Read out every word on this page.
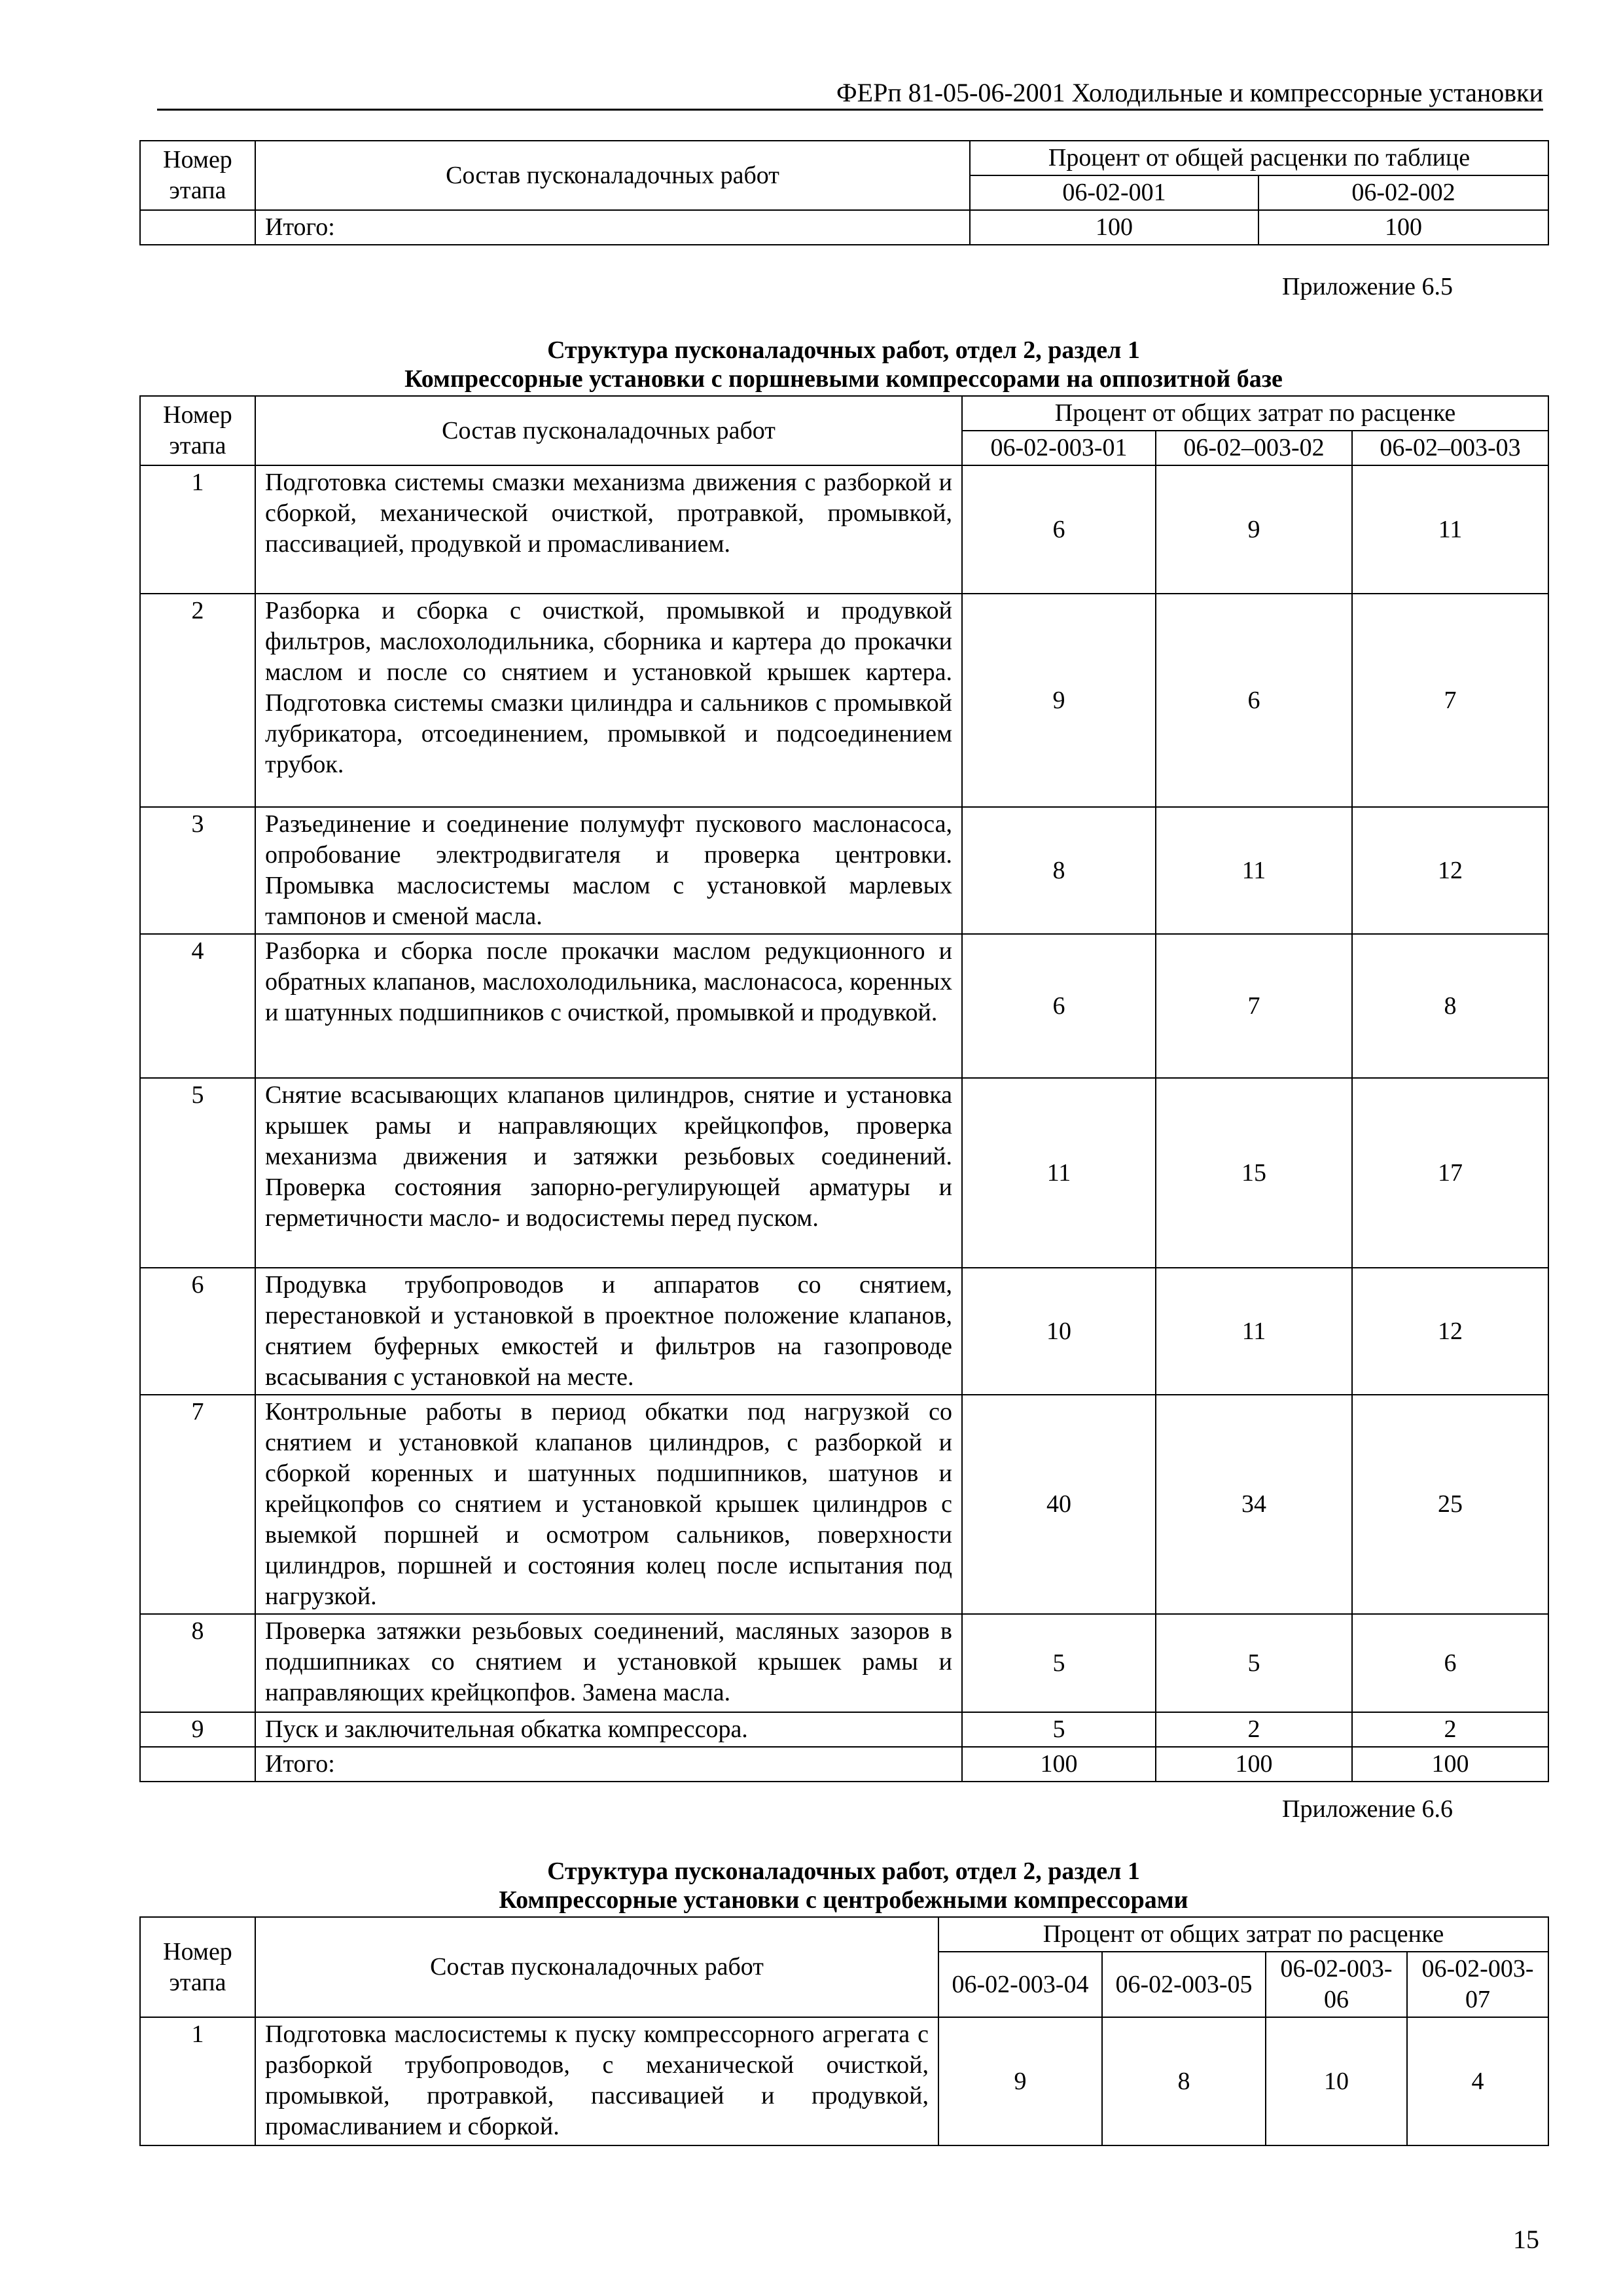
ФЕРп 81-05-06-2001 Холодильные и компрессорные установки
Номер этапа	Состав пусконаладочных работ	Процент от общей расценки по таблице	
		06-02-001	06-02-002
	Итого:	100	100
Приложение 6.5
Структура пусконаладочных работ, отдел 2, раздел 1
Компрессорные установки с поршневыми компрессорами на оппозитной базе
Номер этапа	Состав пусконаладочных работ	Процент от общих затрат по расценке		
		06-02-003-01	06-02–003-02	06-02–003-03
1	Подготовка системы смазки механизма движения с разборкой и сборкой, механической очисткой, протравкой, промывкой, пассивацией, продувкой и промасливанием.	6	9	11
2	Разборка и сборка с очисткой, промывкой и продувкой фильтров, маслохолодильника, сборника и картера до прокачки маслом и после со снятием и установкой крышек картера. Подготовка системы смазки цилиндра и сальников с промывкой лубрикатора, отсоединением, промывкой и подсоединением трубок.	9	6	7
3	Разъединение и соединение полумуфт пускового маслонасоса, опробование электродвигателя и проверка центровки. Промывка маслосистемы маслом с установкой марлевых тампонов и сменой масла.	8	11	12
4	Разборка и сборка после прокачки маслом редукционного и обратных клапанов, маслохолодильника, маслонасоса, коренных и шатунных подшипников с очисткой, промывкой и продувкой.	6	7	8
5	Снятие всасывающих клапанов цилиндров, снятие и установка крышек рамы и направляющих крейцкопфов, проверка механизма движения и затяжки резьбовых соединений. Проверка состояния запорно-регулирующей арматуры и герметичности масло- и водосистемы перед пуском.	11	15	17
6	Продувка трубопроводов и аппаратов со снятием, перестановкой и установкой в проектное положение клапанов, снятием буферных емкостей и фильтров на газопроводе всасывания с установкой на месте.	10	11	12
7	Контрольные работы в период обкатки под нагрузкой со снятием и установкой клапанов цилиндров, с разборкой и сборкой коренных и шатунных подшипников, шатунов и крейцкопфов со снятием и установкой крышек цилиндров с выемкой поршней и осмотром сальников, поверхности цилиндров, поршней и состояния колец после испытания под нагрузкой.	40	34	25
8	Проверка затяжки резьбовых соединений, масляных зазоров в подшипниках со снятием и установкой крышек рамы и направляющих крейцкопфов. Замена масла.	5	5	6
9	Пуск и заключительная обкатка компрессора.	5	2	2
	Итого:	100	100	100
Приложение 6.6
Структура пусконаладочных работ, отдел 2, раздел 1
Компрессорные установки с центробежными компрессорами
Номер этапа	Состав пусконаладочных работ	Процент от общих затрат по расценке			
		06-02-003-04	06-02-003-05	06-02-003-06	06-02-003-07
1	Подготовка маслосистемы к пуску компрессорного агрегата с разборкой трубопроводов, с механической очисткой, промывкой, протравкой, пассивацией и продувкой, промасливанием и сборкой.	9	8	10	4
15
